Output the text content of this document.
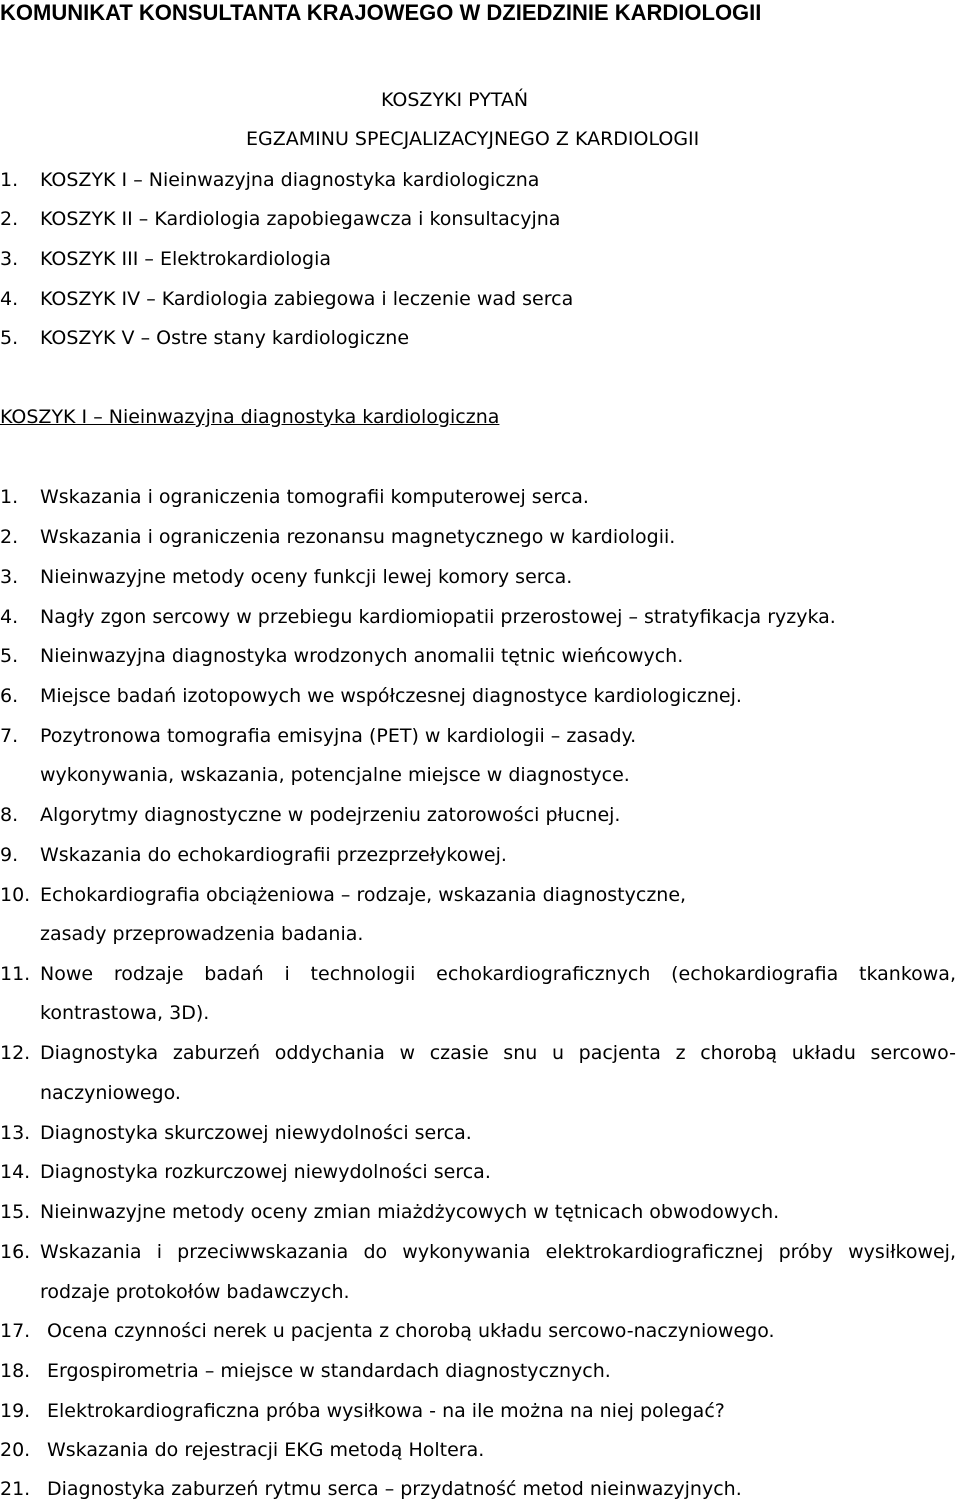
KOMUNIKAT KONSULTANTA KRAJOWEGO W DZIEDZINIE KARDIOLOGII
KOSZYKI PYTAŃ
EGZAMINU SPECJALIZACYJNEGO Z KARDIOLOGII
1. KOSZYK I – Nieinwazyjna diagnostyka kardiologiczna
2. KOSZYK II – Kardiologia zapobiegawcza i konsultacyjna
3. KOSZYK III – Elektrokardiologia
4. KOSZYK IV – Kardiologia zabiegowa i leczenie wad serca
5. KOSZYK V – Ostre stany kardiologiczne
KOSZYK I – Nieinwazyjna diagnostyka kardiologiczna
1. Wskazania i ograniczenia tomografii komputerowej serca.
2. Wskazania i ograniczenia rezonansu magnetycznego w kardiologii.
3. Nieinwazyjne metody oceny funkcji lewej komory serca.
4. Nagły zgon sercowy w przebiegu kardiomiopatii przerostowej – stratyfikacja ryzyka.
5. Nieinwazyjna diagnostyka wrodzonych anomalii tętnic wieńcowych.
6. Miejsce badań izotopowych we współczesnej diagnostyce kardiologicznej.
7. Pozytronowa tomografia emisyjna (PET) w kardiologii – zasady.
wykonywania, wskazania, potencjalne miejsce w diagnostyce.
8. Algorytmy diagnostyczne w podejrzeniu zatorowości płucnej.
9. Wskazania do echokardiografii przezprzełykowej.
10. Echokardiografia obciążeniowa – rodzaje, wskazania diagnostyczne,
zasady przeprowadzenia badania.
11. Nowe rodzaje badań i technologii echokardiograficznych (echokardiografia tkankowa,
kontrastowa, 3D).
12. Diagnostyka zaburzeń oddychania w czasie snu u pacjenta z chorobą układu sercowo-
naczyniowego.
13. Diagnostyka skurczowej niewydolności serca.
14. Diagnostyka rozkurczowej niewydolności serca.
15. Nieinwazyjne metody oceny zmian miażdżycowych w tętnicach obwodowych.
16. Wskazania i przeciwwskazania do wykonywania elektrokardiograficznej próby wysiłkowej,
rodzaje protokołów badawczych.
17. Ocena czynności nerek u pacjenta z chorobą układu sercowo-naczyniowego.
18. Ergospirometria – miejsce w standardach diagnostycznych.
19. Elektrokardiograficzna próba wysiłkowa - na ile można na niej polegać?
20. Wskazania do rejestracji EKG metodą Holtera.
21. Diagnostyka zaburzeń rytmu serca – przydatność metod nieinwazyjnych.
